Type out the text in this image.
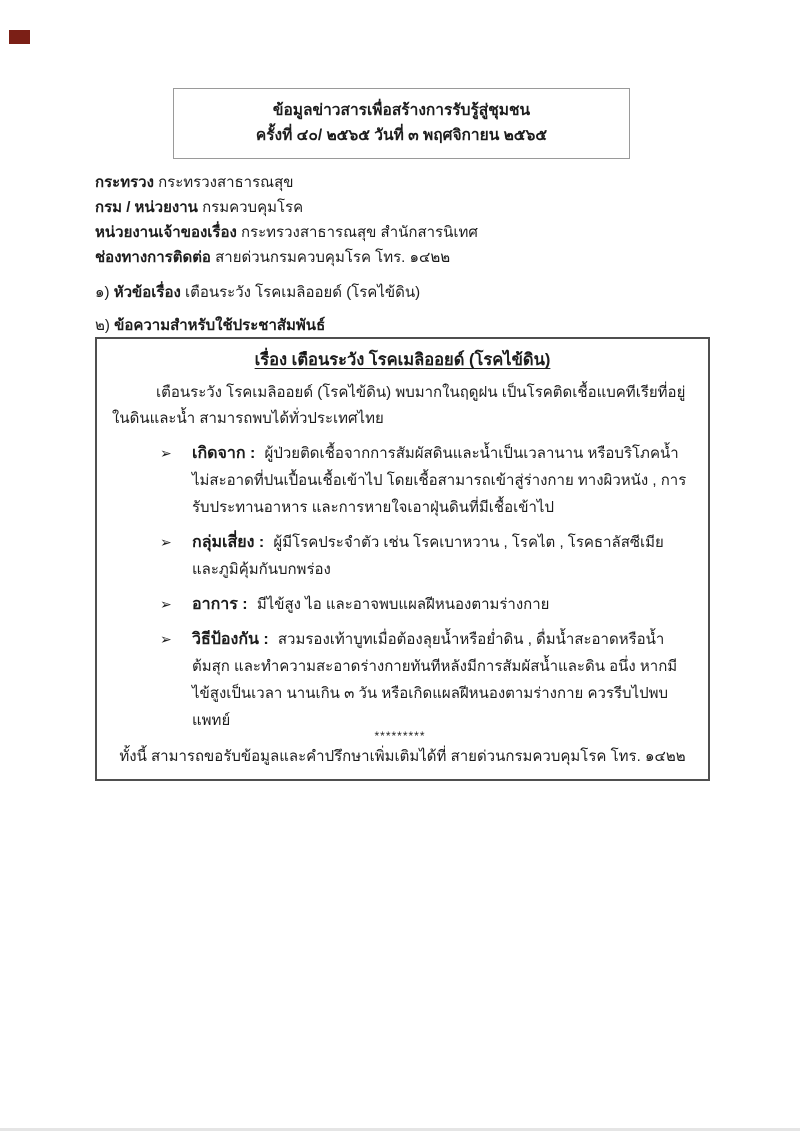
ข้อมูลข่าวสารเพื่อสร้างการรับรู้สู่ชุมชน
ครั้งที่ ๔๐/ ๒๕๖๕ วันที่ ๓ พฤศจิกายน ๒๕๖๕
กระทรวง กระทรวงสาธารณสุข
กรม / หน่วยงาน กรมควบคุมโรค
หน่วยงานเจ้าของเรื่อง กระทรวงสาธารณสุข สำนักสารนิเทศ
ช่องทางการติดต่อ สายด่วนกรมควบคุมโรค โทร. ๑๔๒๒
๑) หัวข้อเรื่อง เตือนระวัง โรคเมลิออยด์ (โรคไข้ดิน)
๒) ข้อความสำหรับใช้ประชาสัมพันธ์
เรื่อง เตือนระวัง โรคเมลิออยด์ (โรคไข้ดิน)
เตือนระวัง โรคเมลิออยด์ (โรคไข้ดิน) พบมากในฤดูฝน เป็นโรคติดเชื้อแบคทีเรียที่อยู่ในดินและน้ำ สามารถพบได้ทั่วประเทศไทย
➢ เกิดจาก : ผู้ป่วยติดเชื้อจากการสัมผัสดินและน้ำเป็นเวลานาน หรือบริโภคน้ำไม่สะอาดที่ปนเปื้อนเชื้อเข้าไป โดยเชื้อสามารถเข้าสู่ร่างกาย ทางผิวหนัง , การรับประทานอาหาร และการหายใจเอาฝุ่นดินที่มีเชื้อเข้าไป
➢ กลุ่มเสี่ยง : ผู้มีโรคประจำตัว เช่น โรคเบาหวาน , โรคไต , โรคธาลัสซีเมีย และภูมิคุ้มกันบกพร่อง
➢ อาการ : มีไข้สูง ไอ และอาจพบแผลฝีหนองตามร่างกาย
➢ วิธีป้องกัน : สวมรองเท้าบูทเมื่อต้องลุยน้ำหรือย่ำดิน , ดื่มน้ำสะอาดหรือน้ำต้มสุก และทำความสะอาดร่างกายทันทีหลังมีการสัมผัสน้ำและดิน อนึ่ง หากมีไข้สูงเป็นเวลา นานเกิน ๓ วัน หรือเกิดแผลฝีหนองตามร่างกาย ควรรีบไปพบแพทย์
ทั้งนี้ สามารถขอรับข้อมูลและคำปรึกษาเพิ่มเติมได้ที่ สายด่วนกรมควบคุมโรค โทร. ๑๔๒๒
*********
